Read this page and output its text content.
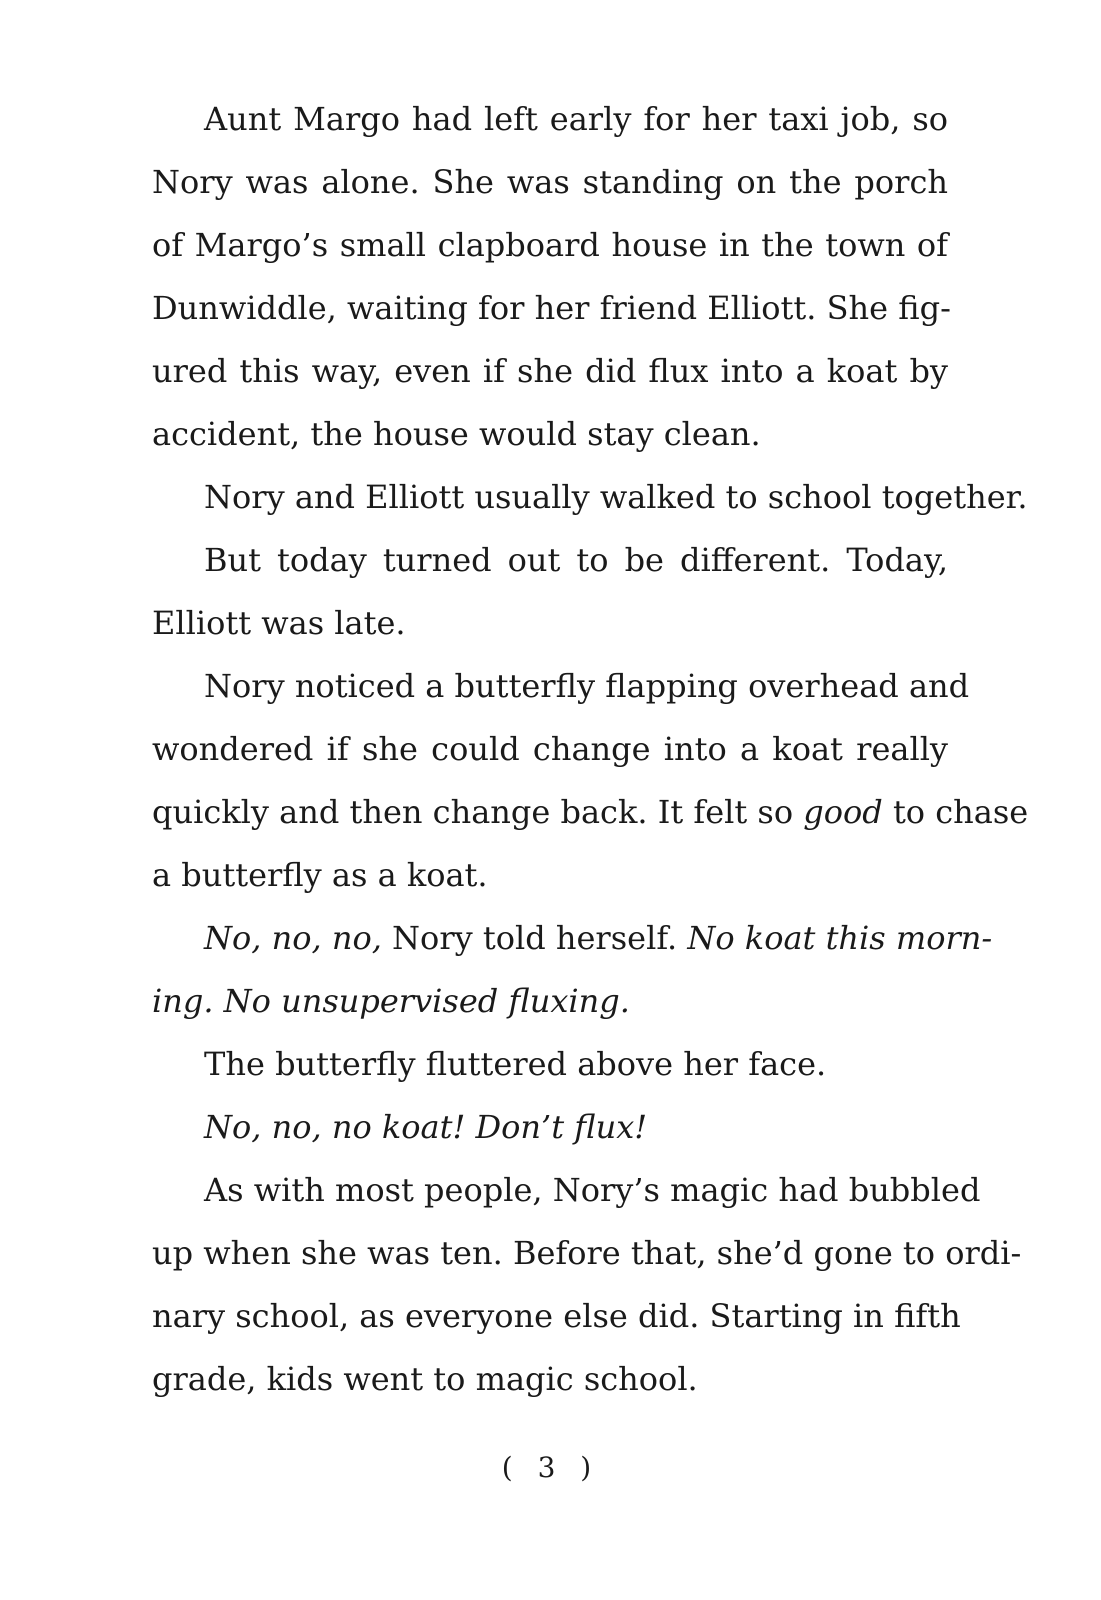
Aunt Margo had left early for her taxi job, so
Nory was alone. She was standing on the porch
of Margo’s small clapboard house in the town of
Dunwiddle, waiting for her friend Elliott. She fig-
ured this way, even if she did flux into a koat by
accident, the house would stay clean.
Nory and Elliott usually walked to school together.
But today turned out to be different. Today,
Elliott was late.
Nory noticed a butterfly flapping overhead and
wondered if she could change into a koat really
quickly and then change back. It felt so good to chase
a butterfly as a koat.
No, no, no, Nory told herself. No koat this morn-
ing. No unsupervised fluxing.
The butterfly fluttered above her face.
No, no, no koat! Don’t flux!
As with most people, Nory’s magic had bubbled
up when she was ten. Before that, she’d gone to ordi-
nary school, as everyone else did. Starting in fifth
grade, kids went to magic school.
( 3 )
